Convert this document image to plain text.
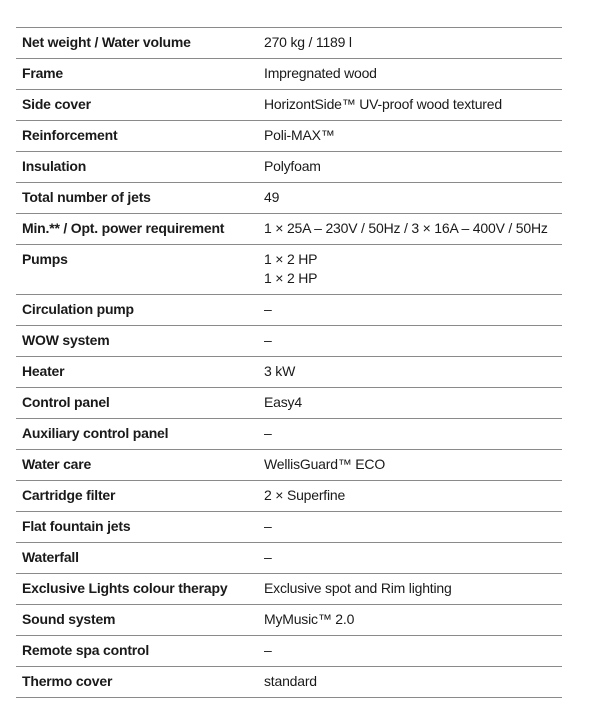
Net weight / Water volume	270 kg / 1189 l

Frame	Impregnated wood

Side cover	HorizontSide™ UV-proof wood textured

Reinforcement	Poli-MAX™

Insulation	Polyfoam

Total number of jets	49

Min.** / Opt. power requirement	1 × 25A – 230V / 50Hz / 3 × 16A – 400V / 50Hz

Pumps	1 × 2 HP
1 × 2 HP

Circulation pump	–

WOW system	–

Heater	3 kW

Control panel	Easy4

Auxiliary control panel	–

Water care	WellisGuard™ ECO

Cartridge filter	2 × Superfine

Flat fountain jets	–

Waterfall	–

Exclusive Lights colour therapy	Exclusive spot and Rim lighting

Sound system	MyMusic™ 2.0

Remote spa control	–

Thermo cover	standard
